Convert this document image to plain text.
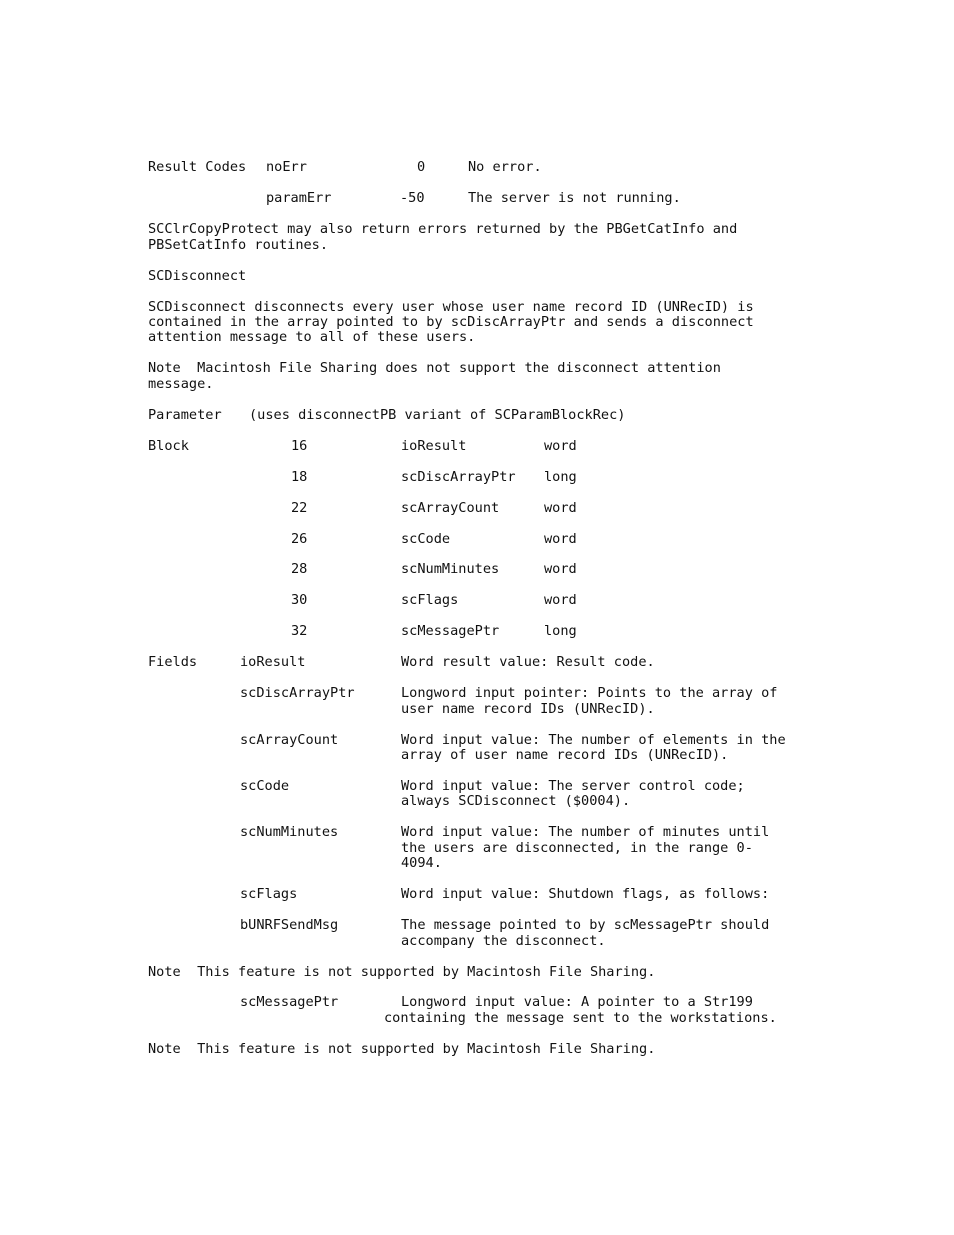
Result Codes noErr	0	No error.
paramErr	-50	The server is not running.
SCClrCopyProtect may also return errors returned by the PBGetCatInfo and
PBSetCatInfo routines.
SCDisconnect
SCDisconnect disconnects every user whose user name record ID (UNRecID) is
contained in the array pointed to by scDiscArrayPtr and sends a disconnect
attention message to all of these users.
Note  Macintosh File Sharing does not support the disconnect attention
message.
Parameter (uses disconnectPB variant of SCParamBlockRec)
Block	16	ioResult	word
18	scDiscArrayPtr long
22	scArrayCount	word
26	scCode	word
28	scNumMinutes	word
30	scFlags	word
32	scMessagePtr	long
Fields	ioResult	Word result value: Result code.
scDiscArrayPtr	Longword input pointer: Points to the array of
user name record IDs (UNRecID).
scArrayCount	Word input value: The number of elements in the
array of user name record IDs (UNRecID).
scCode	Word input value: The server control code;
always SCDisconnect ($0004).
scNumMinutes	Word input value: The number of minutes until
the users are disconnected, in the range 0-
4094.
scFlags	Word input value: Shutdown flags, as follows:
bUNRFSendMsg	The message pointed to by scMessagePtr should
accompany the disconnect.
Note  This feature is not supported by Macintosh File Sharing.
scMessagePtr	Longword input value: A pointer to a Str199
containing the message sent to the workstations.
Note  This feature is not supported by Macintosh File Sharing.
